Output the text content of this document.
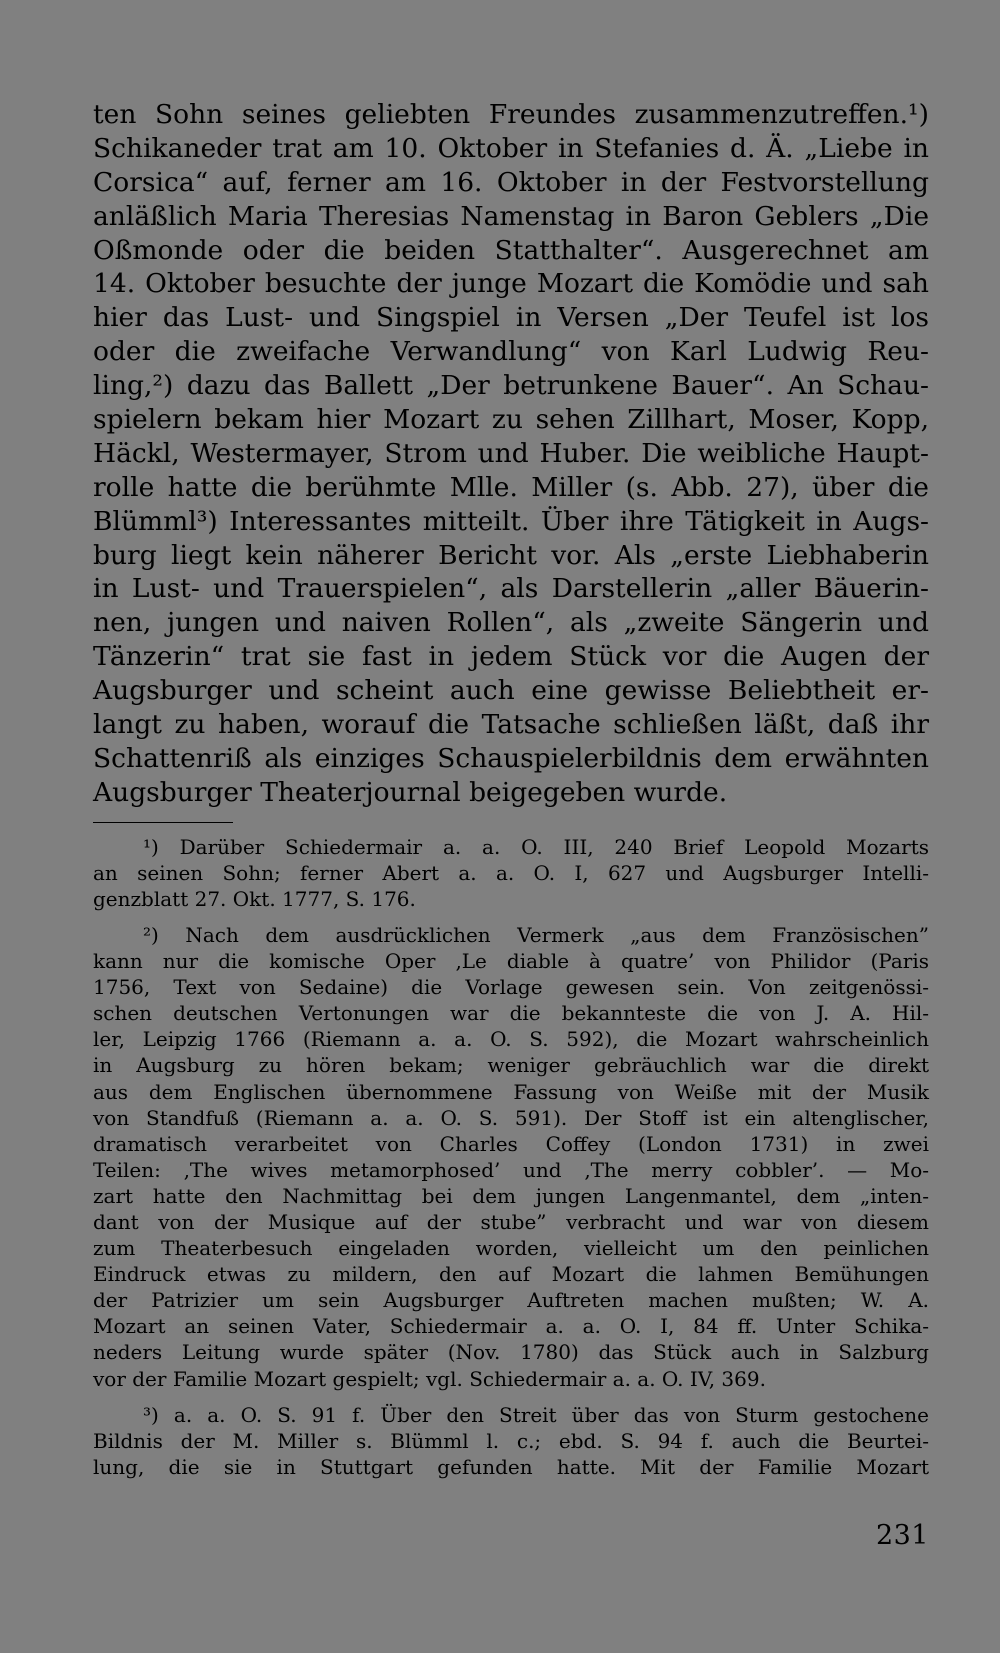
ten Sohn seines geliebten Freundes zusammenzutreffen.¹)
Schikaneder trat am 10. Oktober in Stefanies d. Ä. „Liebe in
Corsica“ auf, ferner am 16. Oktober in der Festvorstellung
anläßlich Maria Theresias Namenstag in Baron Geblers „Die
Oßmonde oder die beiden Statthalter“. Ausgerechnet am
14. Oktober besuchte der junge Mozart die Komödie und sah
hier das Lust- und Singspiel in Versen „Der Teufel ist los
oder die zweifache Verwandlung“ von Karl Ludwig Reu-
ling,²) dazu das Ballett „Der betrunkene Bauer“. An Schau-
spielern bekam hier Mozart zu sehen Zillhart, Moser, Kopp,
Häckl, Westermayer, Strom und Huber. Die weibliche Haupt-
rolle hatte die berühmte Mlle. Miller (s. Abb. 27), über die
Blümml³) Interessantes mitteilt. Über ihre Tätigkeit in Augs-
burg liegt kein näherer Bericht vor. Als „erste Liebhaberin
in Lust- und Trauerspielen“, als Darstellerin „aller Bäuerin-
nen, jungen und naiven Rollen“, als „zweite Sängerin und
Tänzerin“ trat sie fast in jedem Stück vor die Augen der
Augsburger und scheint auch eine gewisse Beliebtheit er-
langt zu haben, worauf die Tatsache schließen läßt, daß ihr
Schattenriß als einziges Schauspielerbildnis dem erwähnten
Augsburger Theaterjournal beigegeben wurde.
¹) Darüber Schiedermair a. a. O. III, 240 Brief Leopold Mozarts
an seinen Sohn; ferner Abert a. a. O. I, 627 und Augsburger Intelli-
genzblatt 27. Okt. 1777, S. 176.
²) Nach dem ausdrücklichen Vermerk „aus dem Französischen”
kann nur die komische Oper ‚Le diable à quatre’ von Philidor (Paris
1756, Text von Sedaine) die Vorlage gewesen sein. Von zeitgenössi-
schen deutschen Vertonungen war die bekannteste die von J. A. Hil-
ler, Leipzig 1766 (Riemann a. a. O. S. 592), die Mozart wahrscheinlich
in Augsburg zu hören bekam; weniger gebräuchlich war die direkt
aus dem Englischen übernommene Fassung von Weiße mit der Musik
von Standfuß (Riemann a. a. O. S. 591). Der Stoff ist ein altenglischer,
dramatisch verarbeitet von Charles Coffey (London 1731) in zwei
Teilen: ‚The wives metamorphosed’ und ‚The merry cobbler’. — Mo-
zart hatte den Nachmittag bei dem jungen Langenmantel, dem „inten-
dant von der Musique auf der stube” verbracht und war von diesem
zum Theaterbesuch eingeladen worden, vielleicht um den peinlichen
Eindruck etwas zu mildern, den auf Mozart die lahmen Bemühungen
der Patrizier um sein Augsburger Auftreten machen mußten; W. A.
Mozart an seinen Vater, Schiedermair a. a. O. I, 84 ff. Unter Schika-
neders Leitung wurde später (Nov. 1780) das Stück auch in Salzburg
vor der Familie Mozart gespielt; vgl. Schiedermair a. a. O. IV, 369.
³) a. a. O. S. 91 f. Über den Streit über das von Sturm gestochene
Bildnis der M. Miller s. Blümml l. c.; ebd. S. 94 f. auch die Beurtei-
lung, die sie in Stuttgart gefunden hatte. Mit der Familie Mozart
231
